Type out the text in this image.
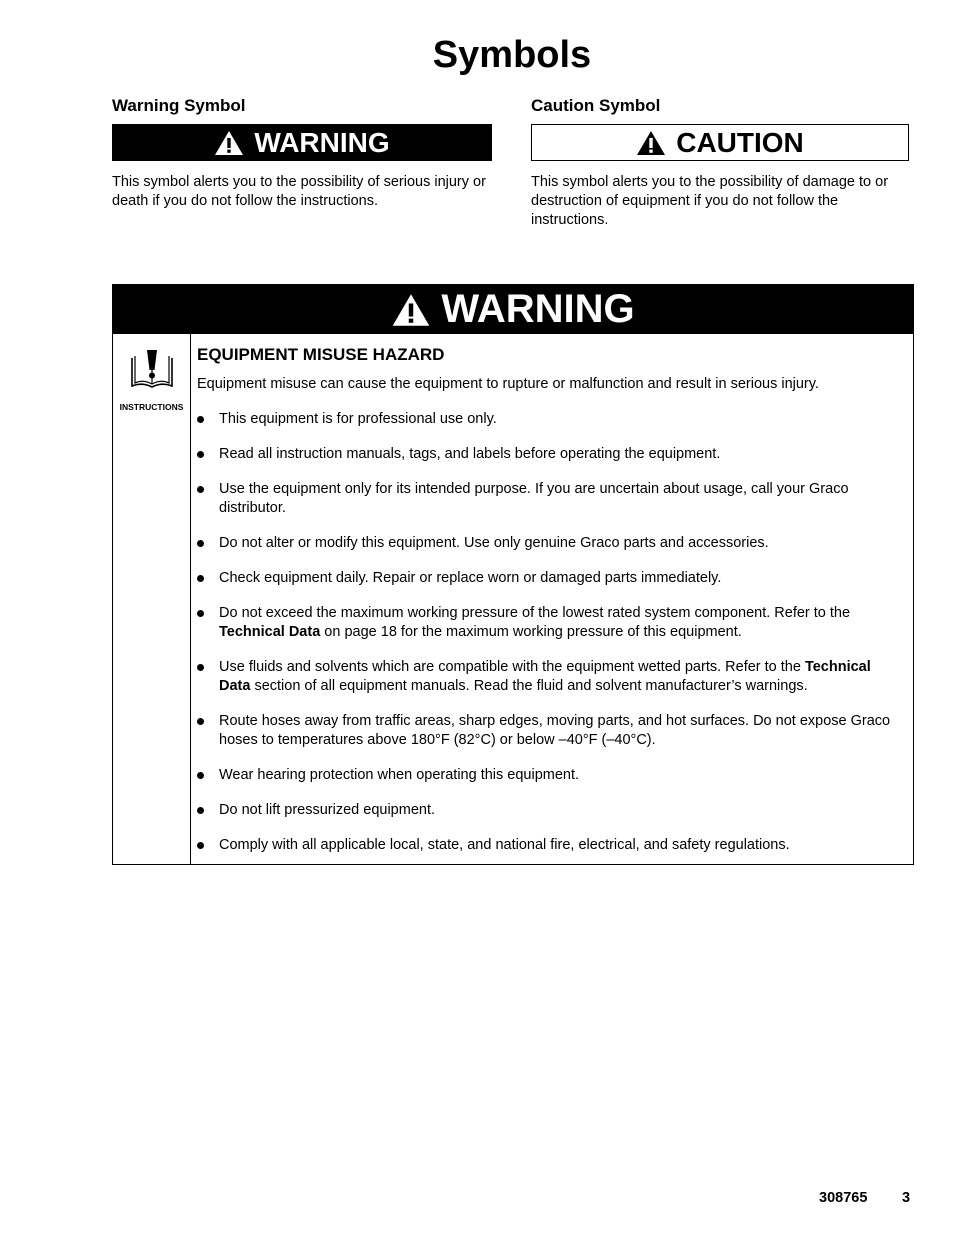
Symbols
Warning Symbol
WARNING

This symbol alerts you to the possibility of serious injury or death if you do not follow the instructions.

Caution Symbol
CAUTION

This symbol alerts you to the possibility of damage to or destruction of equipment if you do not follow the instructions.

WARNING
INSTRUCTIONS

EQUIPMENT MISUSE HAZARD

Equipment misuse can cause the equipment to rupture or malfunction and result in serious injury.

This equipment is for professional use only.
Read all instruction manuals, tags, and labels before operating the equipment.
Use the equipment only for its intended purpose. If you are uncertain about usage, call your Graco distributor.
Do not alter or modify this equipment. Use only genuine Graco parts and accessories.
Check equipment daily. Repair or replace worn or damaged parts immediately.
Do not exceed the maximum working pressure of the lowest rated system component. Refer to the Technical Data on page 18 for the maximum working pressure of this equipment.
Use fluids and solvents which are compatible with the equipment wetted parts. Refer to the Technical Data section of all equipment manuals. Read the fluid and solvent manufacturer’s warnings.
Route hoses away from traffic areas, sharp edges, moving parts, and hot surfaces. Do not expose Graco hoses to temperatures above 180°F (82°C) or below –40°F (–40°C).
Wear hearing protection when operating this equipment.
Do not lift pressurized equipment.
Comply with all applicable local, state, and national fire, electrical, and safety regulations.
308765 3
